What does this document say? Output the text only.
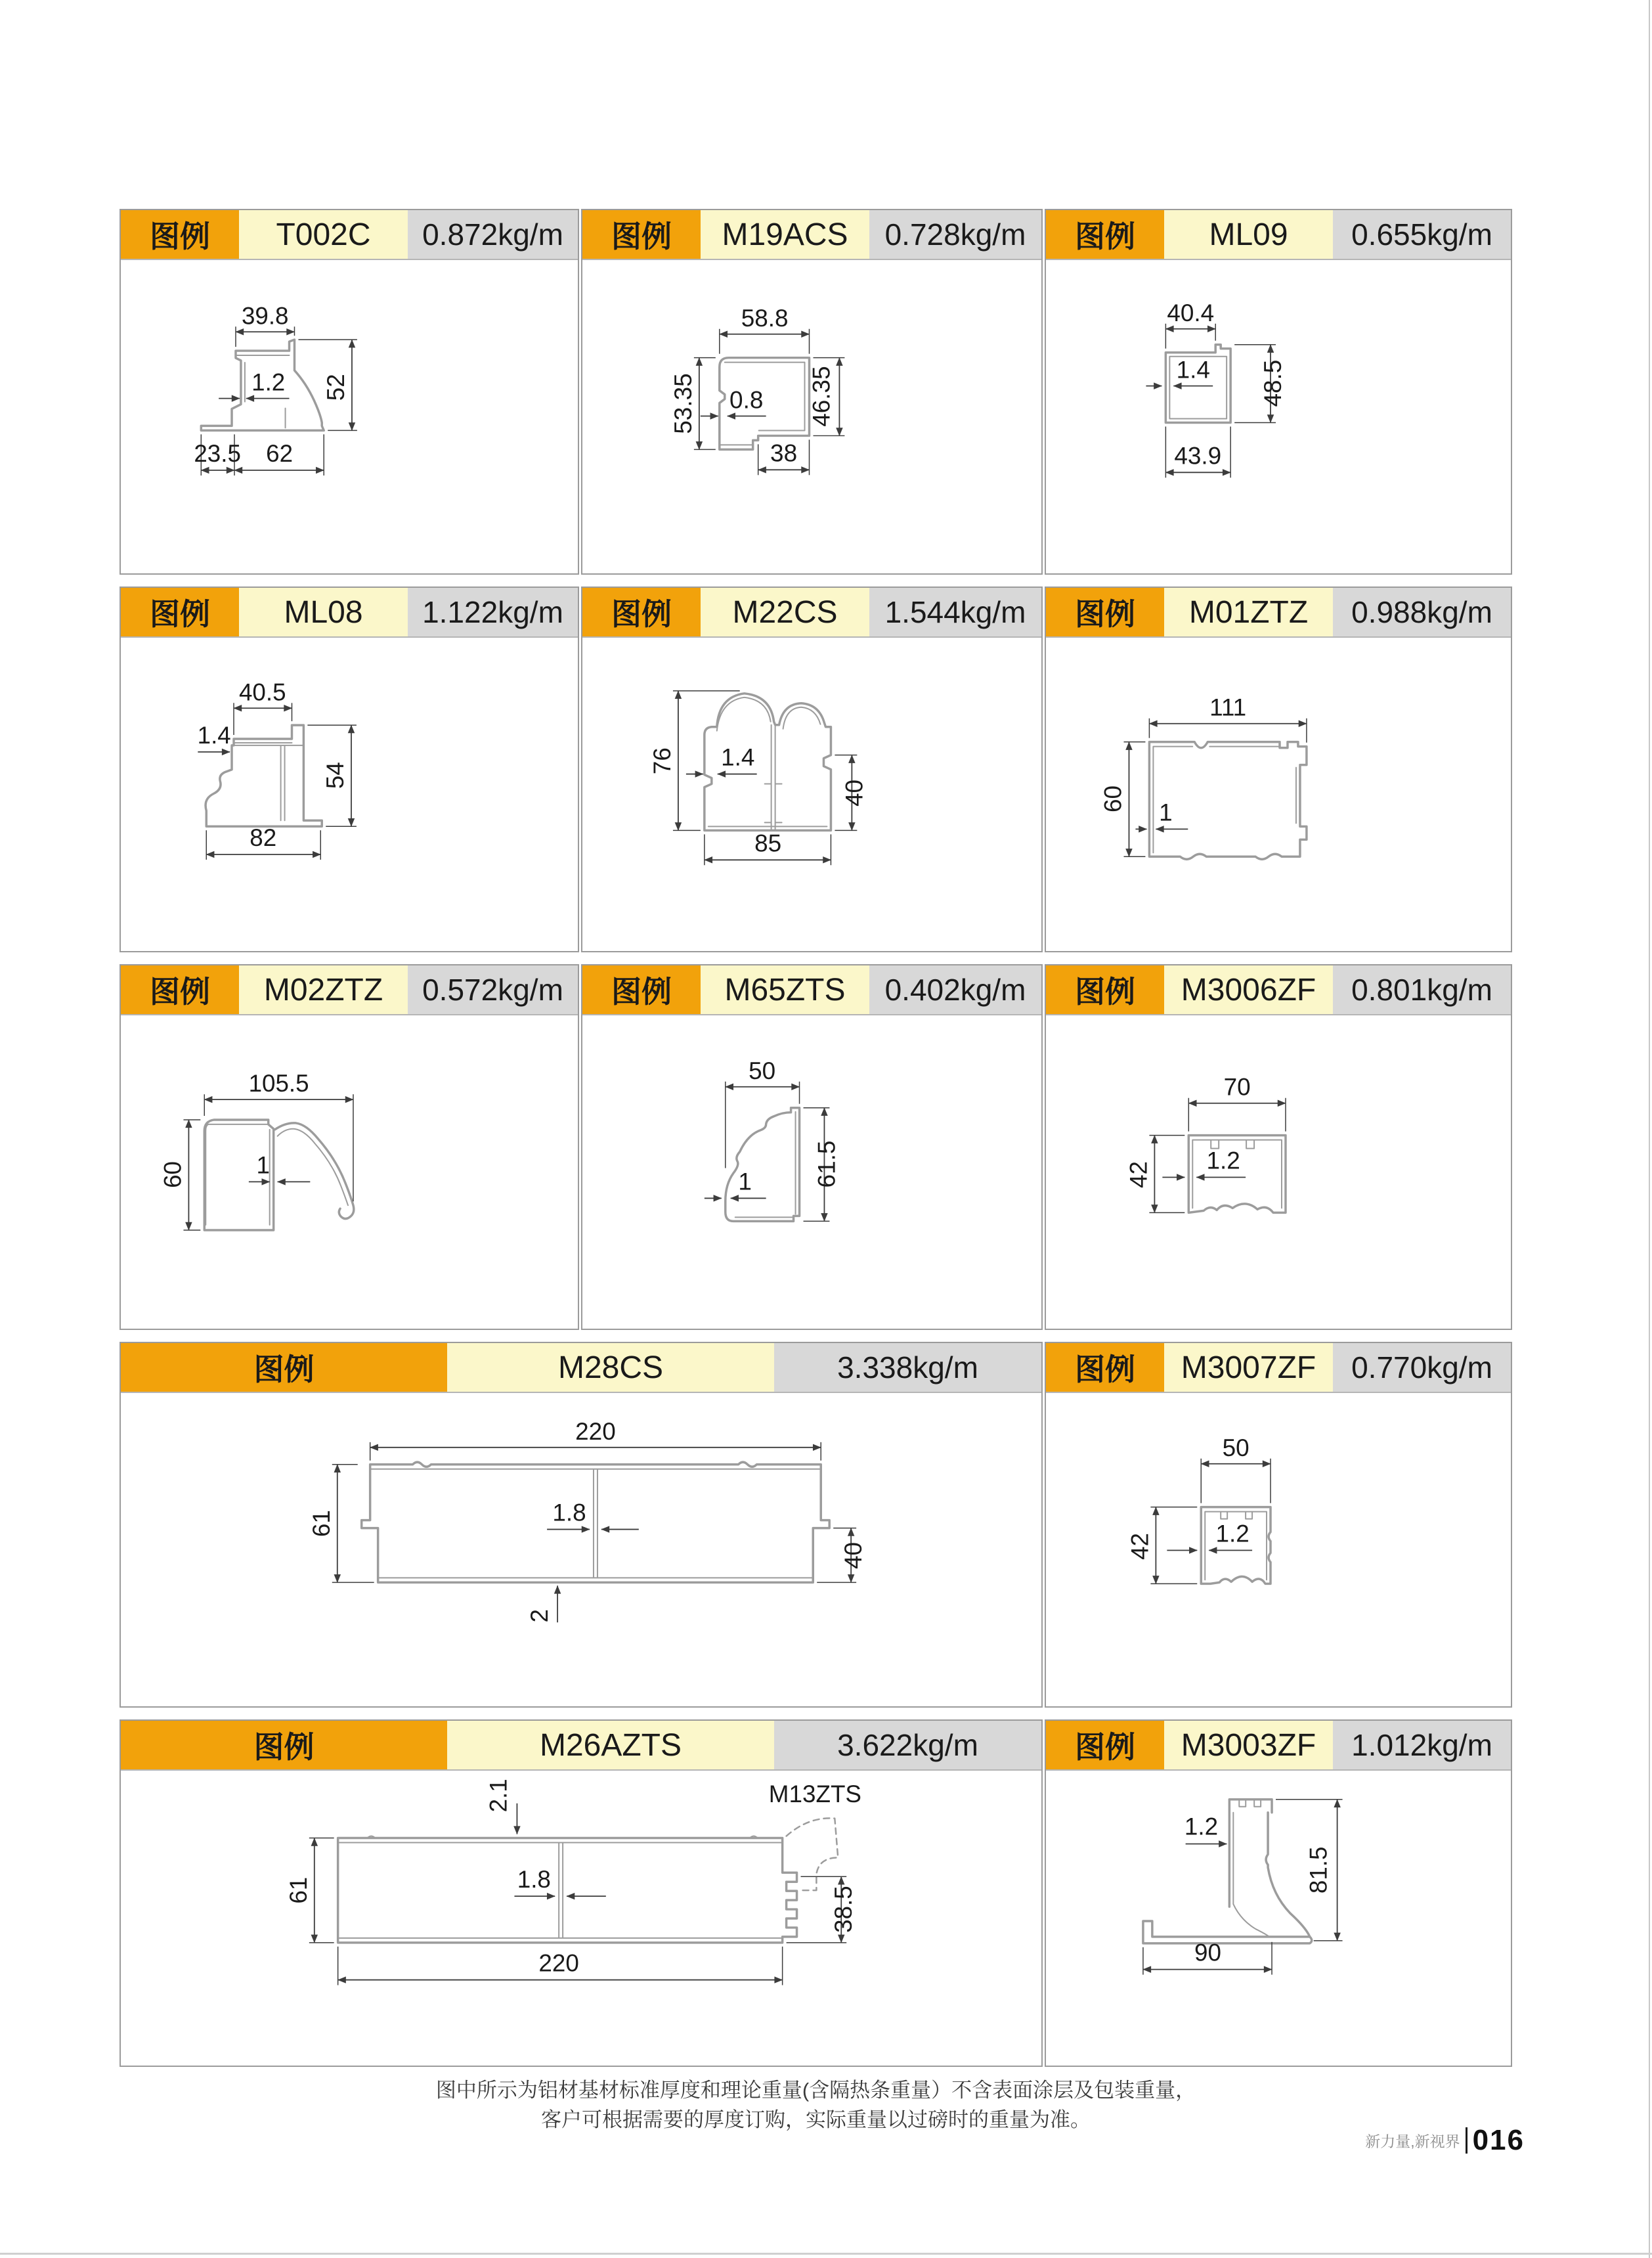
图例	T002C	0.872kg/m
39.8
52
1.2
23.5 62
图例	M19ACS	0.728kg/m
58.8
53.35 0.8 46.35
38
图例	ML09	0.655kg/m
40.4
1.4 48.5
43.9
图例	ML08	1.122kg/m
40.5
1.4
54
82
图例	M22CS	1.544kg/m
76 1.4
40
85
图例	M01ZTZ	0.988kg/m
111
60 1
图例	M02ZTZ	0.572kg/m
105.5
60	1
图例	M65ZTS	0.402kg/m
50
1	61.5
图例	M3006ZF	0.801kg/m
70
42
1.2
图例	M28CS	3.338kg/m
220
61	1.8
40
2
图例	M3007ZF	0.770kg/m
50
42	1.2
图例	M26AZTS	3.622kg/m
2.1	M13ZTS
1.8
61	38.5
220
图例	M3003ZF	1.012kg/m
1.2
81.5
90
图中所示为铝材基材标准厚度和理论重量(含隔热条重量）不含表面涂层及包装重量，
客户可根据需要的厚度订购，实际重量以过磅时的重量为准。
新力量,新视界 016
